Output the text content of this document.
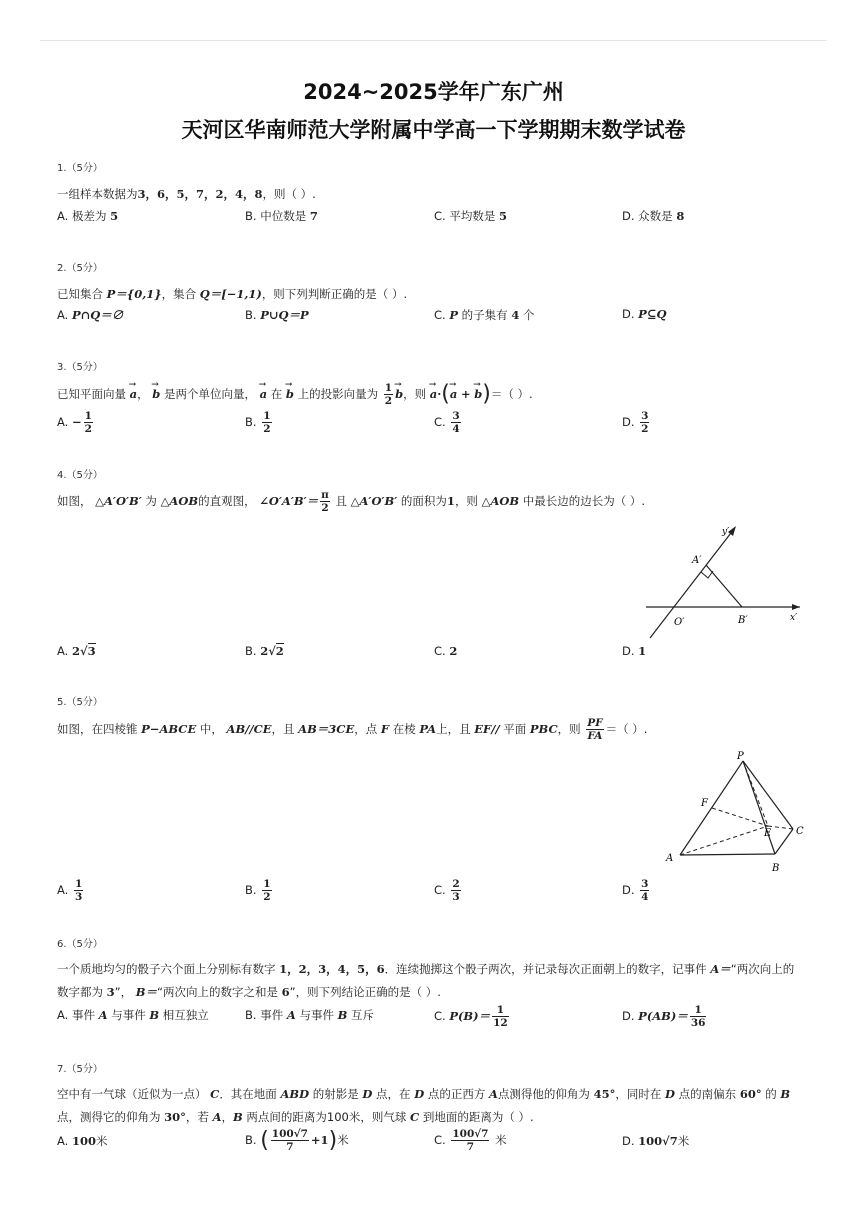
2024~2025学年广东广州
天河区华南师范大学附属中学高一下学期期末数学试卷
1.（5分）
一组样本数据为3，6，5，7，2，4，8，则（ ）.
A. 极差为 5	B. 中位数是 7	C. 平均数是 5	D. 众数是 8
2.（5分）
已知集合 P＝{0,1}，集合 Q＝[−1,1)，则下列判断正确的是（ ）.
A. P∩Q＝∅	B. P∪Q＝P	C. P 的子集有 4 个	D. P⊆Q
3.（5分）
已知平面向量 → a， → b 是两个单位向量， → a 在 → b 上的投影向量为 $\frac{1}{2}$
→ b，则 → a·(→ a + → b)＝（ ）.
A. − $\frac{1}{2}$	B. $\frac{1}{2}$	C. $\frac{3}{4}$	D. $\frac{3}{2}$
4.（5分）
如图， △A′O′B′ 为 △AOB的直观图， ∠O′A′B′＝ $\frac{\pi}{2}$ 且 △A′O′B′ 的面积为1，则 △AOB 中最长边的边长为（ ）.
y′
x′
A′
O′	B′
A. 2√3	B. 2√2	C. 2	D. 1
5.（5分）
如图，在四棱锥 P−ABCE 中， AB//CE，且 AB＝3CE，点 F 在棱 PA上，且 EF// 平面 PBC，则 $\frac{PF}{FA}$ ＝（ ）.
P
F
E C
A
B
A. $\frac{1}{3}$	B. $\frac{1}{2}$	C. $\frac{2}{3}$	D. $\frac{3}{4}$
6.（5分）
一个质地均匀的骰子六个面上分别标有数字 1，2，3，4，5，6．连续抛掷这个骰子两次，并记录每次正面朝上的数字，记事件 A＝“两次向上的
数字都为 3”， B＝“两次向上的数字之和是 6”，则下列结论正确的是（ ）.
A. 事件 A 与事件 B 相互独立	B. 事件 A 与事件 B 互斥	C. $P(B)= \frac{1}{12}$	D. $P(AB)= \frac{1}{36}$
7.（5分）
空中有一气球（近似为一点） C．其在地面 ABD 的射影是 D 点，在 D 点的正西方 A点测得他的仰角为 45°，同时在 D 点的南偏东 60° 的 B
点，测得它的仰角为 30°，若 A，B 两点间的距离为100米，则气球 C 到地面的距离为（ ）.
A. 100米	B. ( $\frac{100√7}{7} +1$)米	C. $\frac{100√7}{7}$ 米	D. 100√7米
